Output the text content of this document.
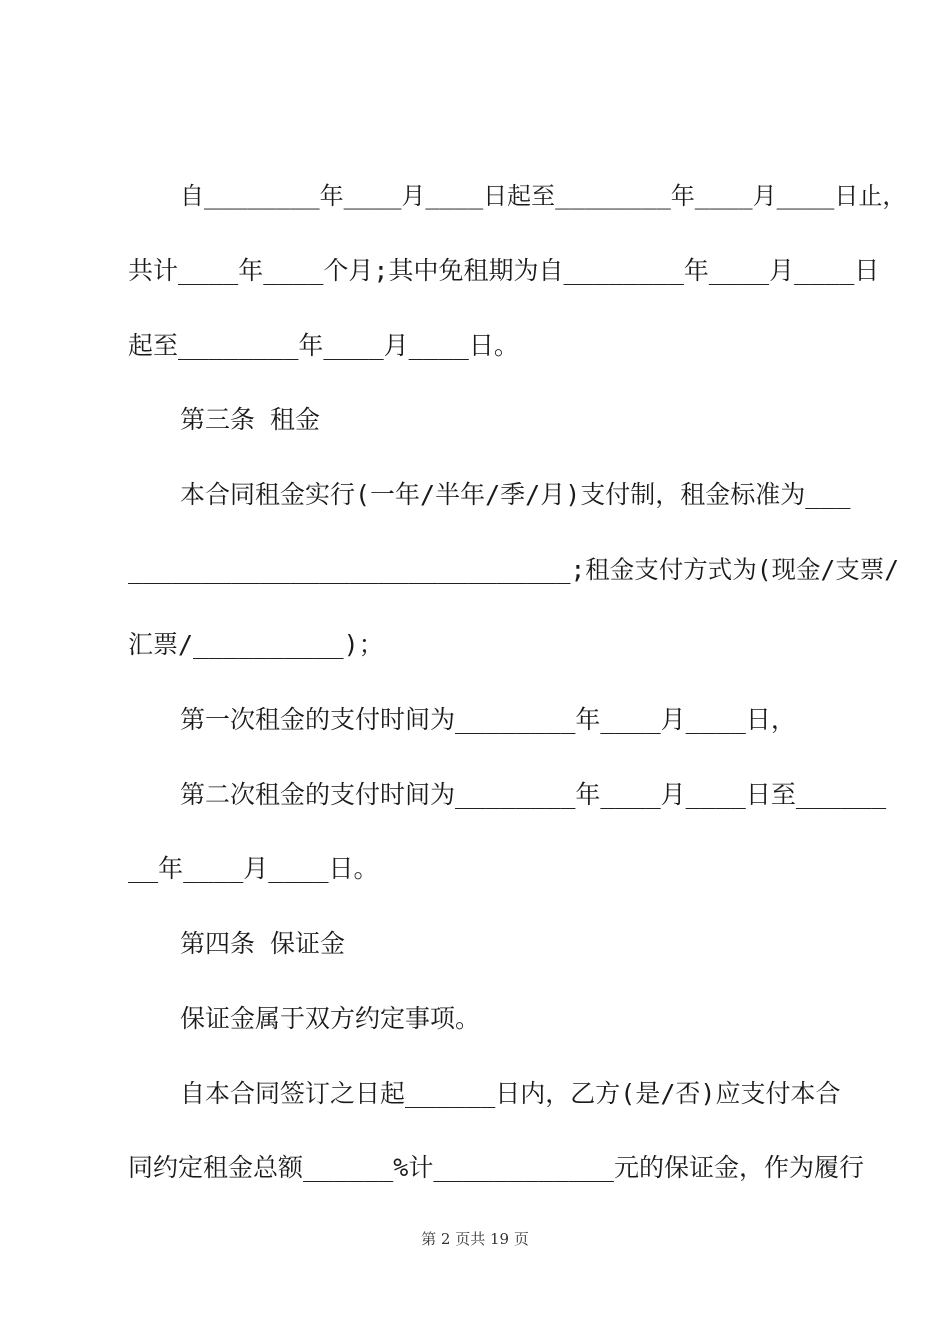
自________年____月____日起至________年____月____日止，
共计____年____个月;其中免租期为自________年____月____日
起至________年____月____日。
第三条 租金
本合同租金实行(一年/半年/季/月)支付制，租金标准为___
______________________________;租金支付方式为(现金/支票/
汇票/__________)；
第一次租金的支付时间为________年____月____日，
第二次租金的支付时间为________年____月____日至______
__年____月____日。
第四条 保证金
保证金属于双方约定事项。
自本合同签订之日起______日内，乙方(是/否)应支付本合
同约定租金总额______%计____________元的保证金，作为履行
第 2 页共 19 页
